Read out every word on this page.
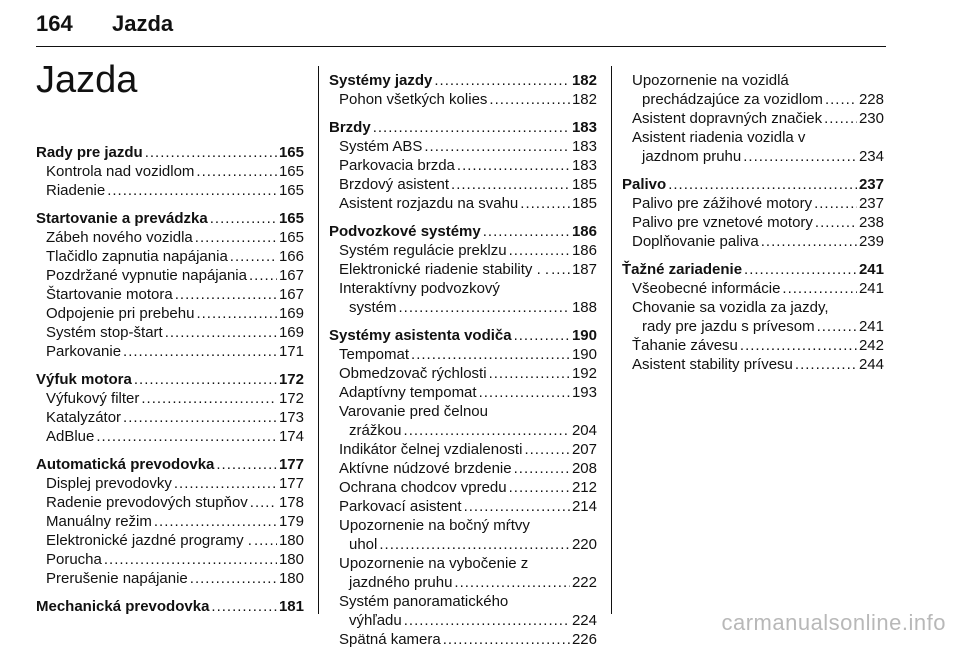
164	Jazda
Jazda
Rady pre jazdu .....	165
Kontrola nad vozidlom .....	165
Riadenie .....	165
Startovanie a prevádzka .....	165
Zábeh nového vozidla .....	165
Tlačidlo zapnutia napájania .....	166
Pozdržané vypnutie napájania ..... 167
Štartovanie motora .....	167
Odpojenie pri prebehu .....	169
Systém stop-štart .....	169
Parkovanie .....	171
Výfuk motora .....	172
Výfukový filter .....	172
Katalyzátor .....	173
AdBlue .....	174
Automatická prevodovka .....	177
Displej prevodovky .....	177
Radenie prevodových stupňov ..... 178
Manuálny režim .....	179
Elektronické jazdné programy . ..... 180
Porucha .....	180
Prerušenie napájanie .....	180
Mechanická prevodovka .....	181
Systémy jazdy .....	182
Pohon všetkých kolies .....	182
Brzdy .....	183
Systém ABS .....	183
Parkovacia brzda .....	183
Brzdový asistent .....	185
Asistent rozjazdu na svahu .....	185
Podvozkové systémy .....	186
Systém regulácie preklzu .....	186
Elektronické riadenie stability . . ..... 187
Interaktívny podvozkový
systém .....	188
Systémy asistenta vodiča .....	190
Tempomat .....	190
Obmedzovač rýchlosti .....	192
Adaptívny tempomat .....	193
Varovanie pred čelnou
zrážkou .....	204
Indikátor čelnej vzdialenosti .....	207
Aktívne núdzové brzdenie .....	208
Ochrana chodcov vpredu .....	212
Parkovací asistent .....	214
Upozornenie na bočný mŕtvy
uhol .....	220
Upozornenie na vybočenie z
jazdného pruhu .....	222
Systém panoramatického
výhľadu .....	224
Spätná kamera .....	226
Upozornenie na vozidlá
prechádzajúce za vozidlom ..... 228
Asistent dopravných značiek ..... 230
Asistent riadenia vozidla v
jazdnom pruhu .....	234
Palivo .....	237
Palivo pre zážihové motory .....	237
Palivo pre vznetové motory .....	238
Doplňovanie paliva .....	239
Ťažné zariadenie .....	241
Všeobecné informácie .....	241
Chovanie sa vozidla za jazdy,
rady pre jazdu s prívesom .....	241
Ťahanie závesu .....	242
Asistent stability prívesu .....	244
carmanualsonline.info
